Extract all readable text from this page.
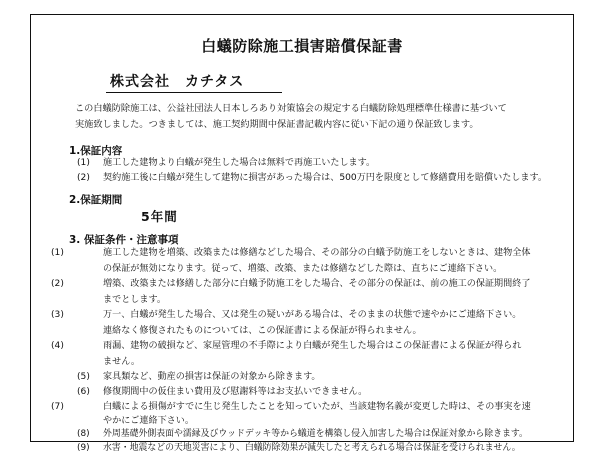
白蟻防除施工損害賠償保証書
株式会社　カチタス
この白蟻防除施工は、公益社団法人日本しろあり対策協会の規定する白蟻防除処理標準仕様書に基づいて
実施致しました。つきましては、施工契約期間中保証書記載内容に従い下記の通り保証致します。
1.保証内容
(1) 施工した建物より白蟻が発生した場合は無料で再施工いたします。
(2) 契約施工後に白蟻が発生して建物に損害があった場合は、500万円を限度として修繕費用を賠償いたします。
2.保証期間
5年間
3. 保証条件・注意事項
(1)	施工した建物を増築、改築または修繕などした場合、その部分の白蟻予防施工をしないときは、建物全体
の保証が無効になります。従って、増築、改築、または修繕などした際は、直ちにご連絡下さい。
(2)	増築、改築または修繕した部分に白蟻予防施工をした場合、その部分の保証は、前の施工の保証期間終了
までとします。
(3)	万一、白蟻が発生した場合、又は発生の疑いがある場合は、そのままの状態で速やかにご連絡下さい。
連絡なく修復されたものについては、この保証書による保証が得られません。
(4)	雨漏、建物の破損など、家屋管理の不手際により白蟻が発生した場合はこの保証書による保証が得られ
ません。
(5) 家具類など、動産の損害は保証の対象から除きます。
(6) 修復期間中の仮住まい費用及び慰謝料等はお支払いできません。
(7)	白蟻による損傷がすでに生じ発生したことを知っていたが、当該建物名義が変更した時は、その事実を速
やかにご連絡下さい。
(8) 外周基礎外側表面や濡縁及びウッドデッキ等から蟻道を構築し侵入加害した場合は保証対象から除きます。
(9) 水害・地震などの天地災害により、白蟻防除効果が減失したと考えられる場合は保証を受けられません。
